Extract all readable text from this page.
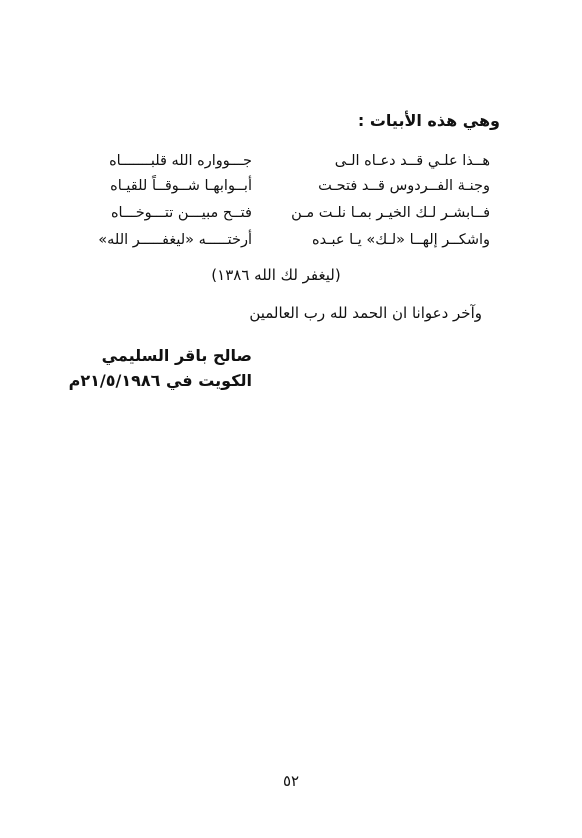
وهي هذه الأبيات :
هــذا علـي قــد دعـاه الـى
جـــوواره الله قلبـــــــاه
وجنـة الفــردوس قــد فتحـت
أبــوابهـا شــوقــاً للقيـاه
فــابشـر لـك الخيـر بمـا نلـت مـن
فتــح مبيـــن تتـــوخـــاه
واشكــر إلهــا «لـك» يـا عبـده
أرختـــــه «ليغفـــــر الله»
(ليغفر لك الله ١٣٨٦)
وآخر دعوانا ان الحمد لله رب العالمين
صالح باقر السليمي
الكويت في ٢١/٥/١٩٨٦م
٥٢
